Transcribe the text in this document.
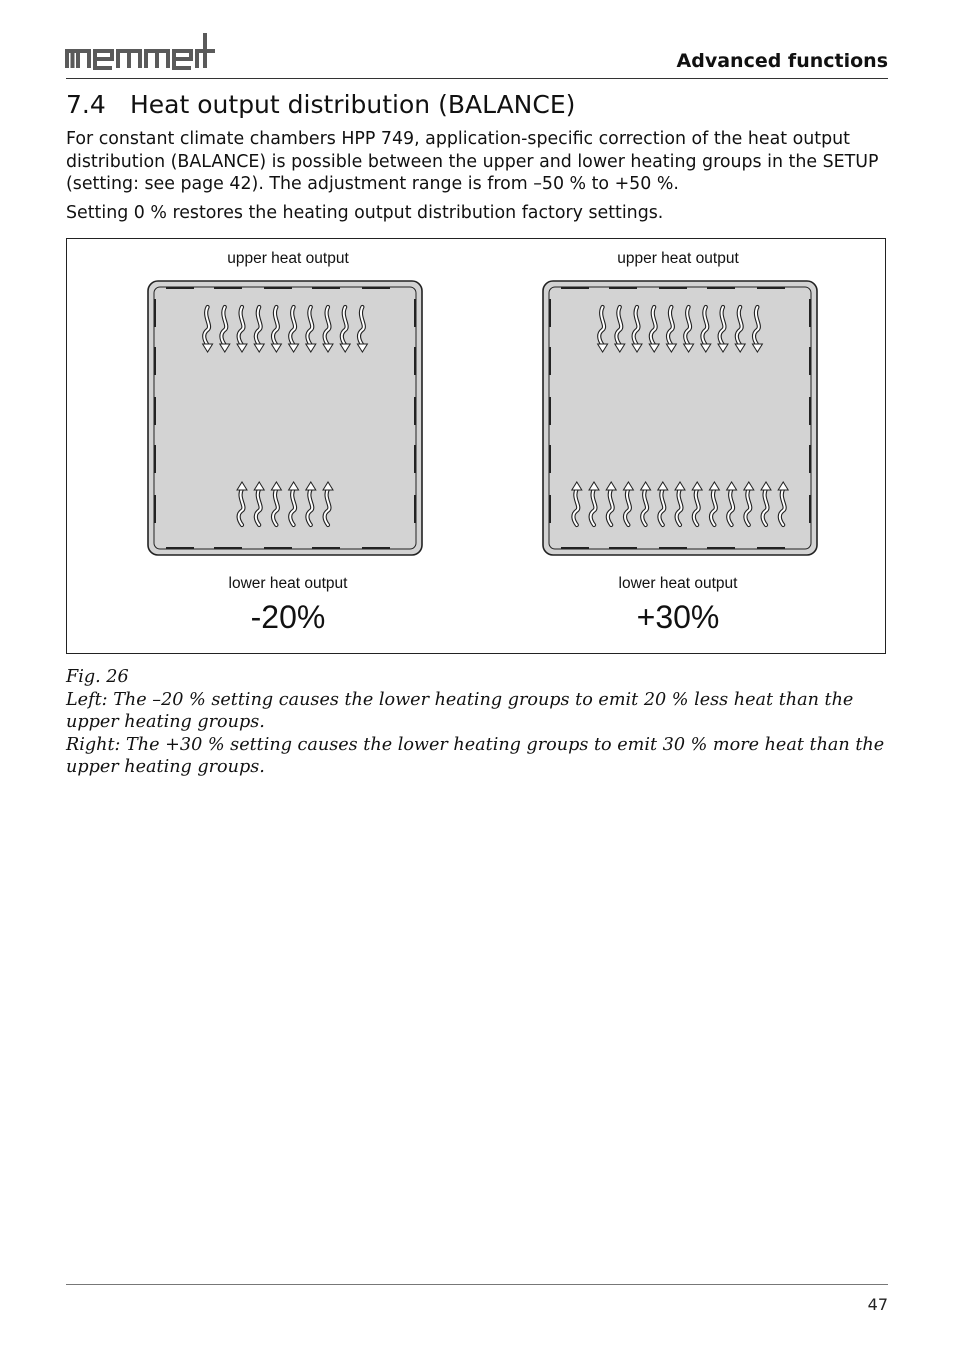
Advanced functions
7.4 Heat output distribution (BALANCE)

For constant climate chambers HPP 749, application-specific correction of the heat output distribution (BALANCE) is possible between the upper and lower heating groups in the SETUP (setting: see page 42). The adjustment range is from –50 % to +50 %.

Setting 0 % restores the heating output distribution factory settings.

upper heat output	upper heat output
lower heat output	lower heat output
-20%	+30%
Fig. 26
Left: The –20 % setting causes the lower heating groups to emit 20 % less heat than the upper heating groups.
Right: The +30 % setting causes the lower heating groups to emit 30 % more heat than the upper heating groups.
47
